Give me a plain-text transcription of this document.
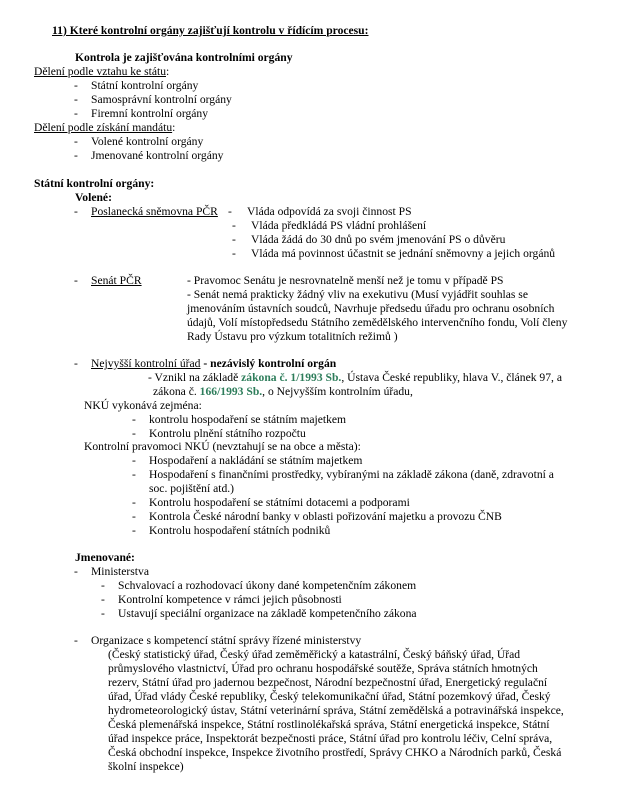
11) Které kontrolní orgány zajišťují kontrolu v řídícím procesu:
Kontrola je zajišťována kontrolními orgány
Dělení podle vztahu ke státu:
- Státní kontrolní orgány
- Samosprávní kontrolní orgány
- Firemní kontrolní orgány
Dělení podle získání mandátu:
- Volené kontrolní orgány
- Jmenované kontrolní orgány
Státní kontrolní orgány:
Volené:
- Poslanecká sněmovna PČR - Vláda odpovídá za svoji činnost PS
- Vláda předkládá PS vládní prohlášení
- Vláda žádá do 30 dnů po svém jmenování PS o důvěru
- Vláda má povinnost účastnit se jednání sněmovny a jejich orgánů
- Senát PČR	- Pravomoc Senátu je nesrovnatelně menší než je tomu v případě PS
- Senát nemá prakticky žádný vliv na exekutivu (Musí vyjádřit souhlas se
jmenováním ústavních soudců, Navrhuje předsedu úřadu pro ochranu osobních
údajů, Volí místopředsedu Státního zemědělského intervenčního fondu, Volí členy
Rady Ústavu pro výzkum totalitních režimů )
- Nejvyšší kontrolní úřad - nezávislý kontrolní orgán
- Vznikl na základě zákona č. 1/1993 Sb., Ústava České republiky, hlava V., článek 97, a
zákona č. 166/1993 Sb., o Nejvyšším kontrolním úřadu,
NKÚ vykonává zejména:
- kontrolu hospodaření se státním majetkem
- Kontrolu plnění státního rozpočtu
Kontrolní pravomoci NKÚ (nevztahují se na obce a města):
- Hospodaření a nakládání se státním majetkem
- Hospodaření s finančními prostředky, vybíranými na základě zákona (daně, zdravotní a
soc. pojištění atd.)
- Kontrolu hospodaření se státními dotacemi a podporami
- Kontrola České národní banky v oblasti pořizování majetku a provozu ČNB
- Kontrolu hospodaření státních podniků
Jmenované:
- Ministerstva
- Schvalovací a rozhodovací úkony dané kompetenčním zákonem
- Kontrolní kompetence v rámci jejich působnosti
- Ustavují speciální organizace na základě kompetenčního zákona
- Organizace s kompetencí státní správy řízené ministerstvy
(Český statistický úřad, Český úřad zeměměřický a katastrální, Český báňský úřad, Úřad
průmyslového vlastnictví, Úřad pro ochranu hospodářské soutěže, Správa státních hmotných
rezerv, Státní úřad pro jadernou bezpečnost, Národní bezpečnostní úřad, Energetický regulační
úřad, Úřad vlády České republiky, Český telekomunikační úřad, Státní pozemkový úřad, Český
hydrometeorologický ústav, Státní veterinární správa, Státní zemědělská a potravinářská inspekce,
Česká plemenářská inspekce, Státní rostlinolékařská správa, Státní energetická inspekce, Státní
úřad inspekce práce, Inspektorát bezpečnosti práce, Státní úřad pro kontrolu léčiv, Celní správa,
Česká obchodní inspekce, Inspekce životního prostředí, Správy CHKO a Národních parků, Česká
školní inspekce)
